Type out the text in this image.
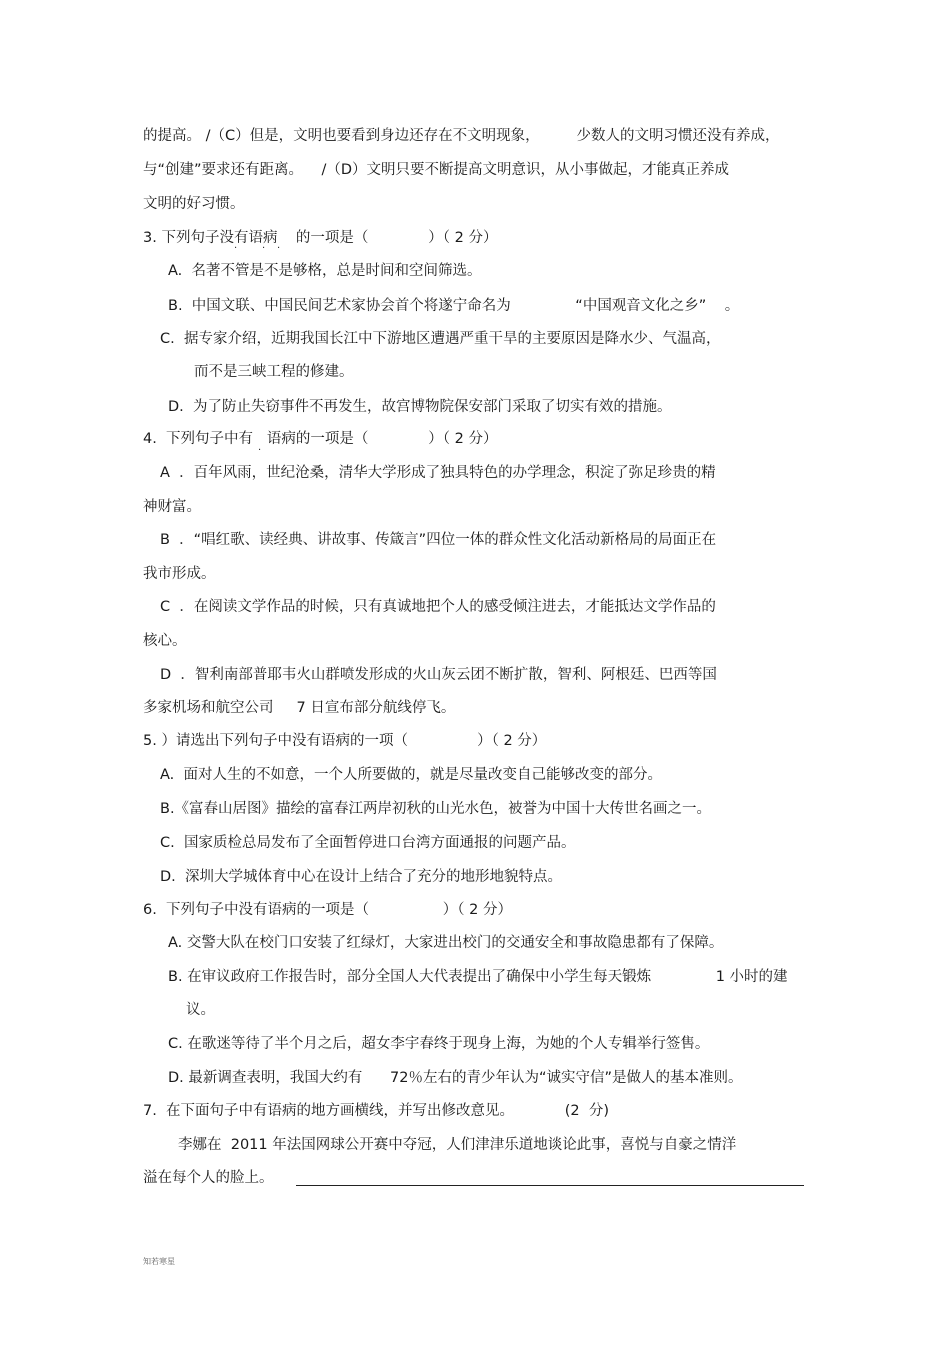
的提高。 /（C）但是，文明也要看到身边还存在不文明现象，        少数人的文明习惯还没有养成，
与“创建”要求还有距离。    /（D）文明只要不断提高文明意识，从小事做起，才能真正养成
文明的好习惯。
3. 下列句子没有语病    的一项是（             ）（ 2 分）
· · ·
A.  名著不管是不是够格，总是时间和空间筛选。
B.  中国文联、中国民间艺术家协会首个将遂宁命名为              “中国观音文化之乡”    。
C.  据专家介绍，近期我国长江中下游地区遭遇严重干旱的主要原因是降水少、气温高，
而不是三峡工程的修建。
D.  为了防止失窃事件不再发生，故宫博物院保安部门采取了切实有效的措施。
4.  下列句子中有   语病的一项是（             ）（ 2 分）
·
A  ．百年风雨，世纪沧桑，清华大学形成了独具特色的办学理念，积淀了弥足珍贵的精
神财富。
B  ．“唱红歌、读经典、讲故事、传箴言”四位一体的群众性文化活动新格局的局面正在
我市形成。
C  ．在阅读文学作品的时候，只有真诚地把个人的感受倾注进去，才能抵达文学作品的
核心。
D  ．智利南部普耶韦火山群喷发形成的火山灰云团不断扩散，智利、阿根廷、巴西等国
多家机场和航空公司     7 日宣布部分航线停飞。
5. ）请选出下列句子中没有语病的一项（               ）（ 2 分）
A.  面对人生的不如意，一个人所要做的，就是尽量改变自己能够改变的部分。
B.《富春山居图》描绘的富春江两岸初秋的山光水色，被誉为中国十大传世名画之一。
C.  国家质检总局发布了全面暂停进口台湾方面通报的问题产品。
D.  深圳大学城体育中心在设计上结合了充分的地形地貌特点。
6.  下列句子中没有语病的一项是（                ）（ 2 分）
A. 交警大队在校门口安装了红绿灯，大家进出校门的交通安全和事故隐患都有了保障。
B. 在审议政府工作报告时，部分全国人大代表提出了确保中小学生每天锻炼              1 小时的建
议。
C. 在歌迷等待了半个月之后，超女李宇春终于现身上海，为她的个人专辑举行签售。
D. 最新调查表明，我国大约有      72％左右的青少年认为“诚实守信”是做人的基本准则。
7.  在下面句子中有语病的地方画横线，并写出修改意见。           (2  分)
李娜在  2011 年法国网球公开赛中夺冠，人们津津乐道地谈论此事，喜悦与自豪之情洋
溢在每个人的脸上。
知若寒星
